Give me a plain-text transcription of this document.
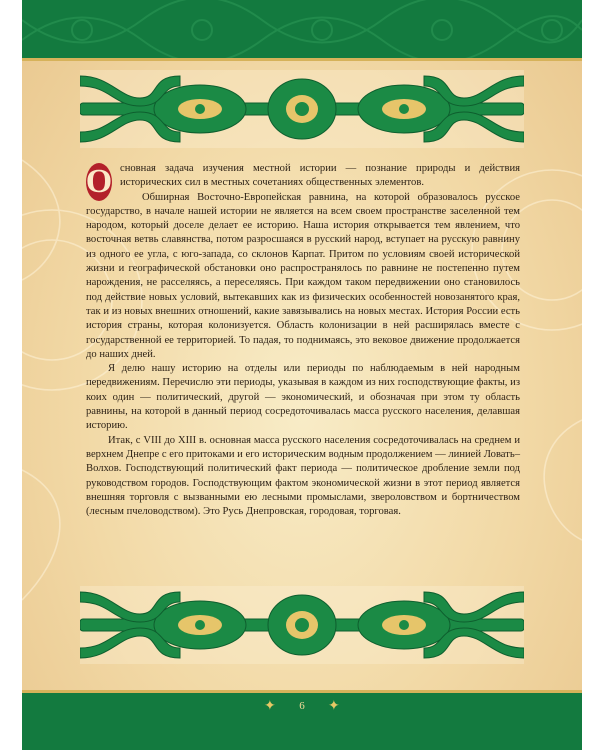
О сновная задача изучения местной истории — познание природы и действия исторических сил в местных сочетаниях общественных элементов.

Обширная Восточно-Европейская равнина, на которой образовалось русское государство, в начале нашей истории не является на всем своем пространстве заселенной тем народом, который доселе делает ее историю. Наша история открывается тем явлением, что восточная ветвь славянства, потом разросшаяся в русский народ, вступает на русскую равнину из одного ее угла, с юго-запада, со склонов Карпат. Притом по условиям своей исторической жизни и географической обстановки оно распространялось по равнине не постепенно путем нарождения, не расселяясь, а переселяясь. При каждом таком передвижении оно становилось под действие новых условий, вытекавших как из физических особенностей новозанятого края, так и из новых внешних отношений, какие завязывались на новых местах. История России есть история страны, которая колонизуется. Область колонизации в ней расширялась вместе с государственной ее территорией. То падая, то поднимаясь, это вековое движение продолжается до наших дней.

Я делю нашу историю на отделы или периоды по наблюдаемым в ней народным передвижениям. Перечислю эти периоды, указывая в каждом из них господствующие факты, из коих один — политический, другой — экономический, и обозначая при этом ту область равнины, на которой в данный период сосредоточивалась масса русского населения, делавшая историю.

Итак, с VIII до XIII в. основная масса русского населения сосредоточивалась на среднем и верхнем Днепре с его притоками и его историческим водным продолжением — линией Ловать–Волхов. Господствующий политический факт периода — политическое дробление земли под руководством городов. Господствующим фактом экономической жизни в этот период является внешняя торговля с вызванными ею лесными промыслами, звероловством и бортничеством (лесным пчеловодством). Это Русь Днепровская, городовая, торговая.

✦	6	✦
